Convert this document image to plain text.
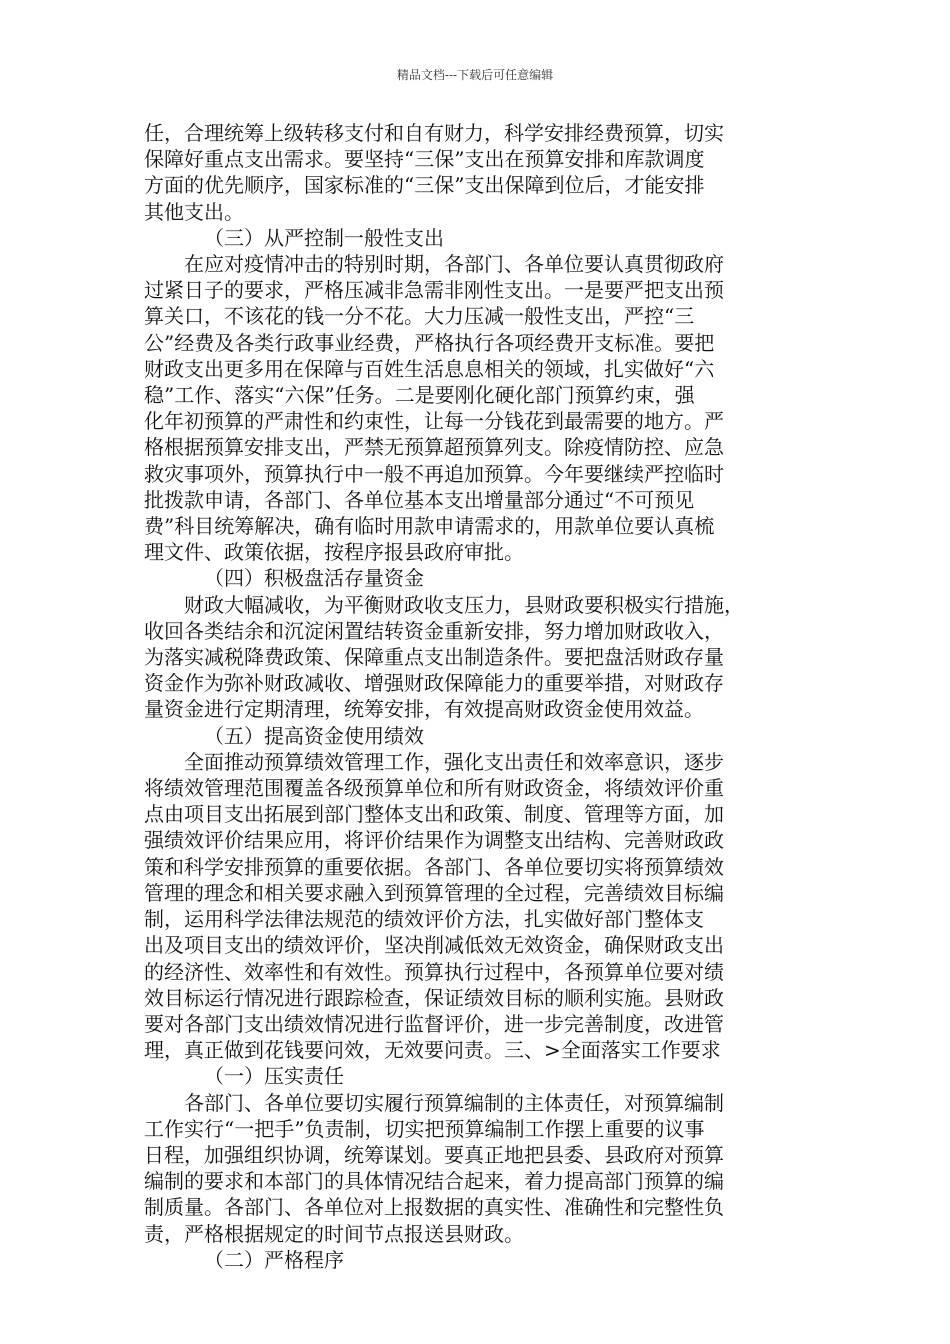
精品文档---下载后可任意编辑

任，合理统筹上级转移支付和自有财力，科学安排经费预算，切实

保障好重点支出需求。要坚持“三保”支出在预算安排和库款调度

方面的优先顺序，国家标准的“三保”支出保障到位后，才能安排

其他支出。

（三）从严控制一般性支出

在应对疫情冲击的特别时期，各部门、各单位要认真贯彻政府

过紧日子的要求，严格压减非急需非刚性支出。一是要严把支出预

算关口，不该花的钱一分不花。大力压减一般性支出，严控“三

公”经费及各类行政事业经费，严格执行各项经费开支标准。要把

财政支出更多用在保障与百姓生活息息相关的领域，扎实做好“六

稳”工作、落实“六保”任务。二是要刚化硬化部门预算约束，强

化年初预算的严肃性和约束性，让每一分钱花到最需要的地方。严

格根据预算安排支出，严禁无预算超预算列支。除疫情防控、应急

救灾事项外，预算执行中一般不再追加预算。今年要继续严控临时

批拨款申请，各部门、各单位基本支出增量部分通过“不可预见

费”科目统筹解决，确有临时用款申请需求的，用款单位要认真梳

理文件、政策依据，按程序报县政府审批。

（四）积极盘活存量资金

财政大幅减收，为平衡财政收支压力，县财政要积极实行措施，

收回各类结余和沉淀闲置结转资金重新安排，努力增加财政收入，

为落实减税降费政策、保障重点支出制造条件。要把盘活财政存量

资金作为弥补财政减收、增强财政保障能力的重要举措，对财政存

量资金进行定期清理，统筹安排，有效提高财政资金使用效益。

（五）提高资金使用绩效

全面推动预算绩效管理工作，强化支出责任和效率意识，逐步

将绩效管理范围覆盖各级预算单位和所有财政资金，将绩效评价重

点由项目支出拓展到部门整体支出和政策、制度、管理等方面，加

强绩效评价结果应用，将评价结果作为调整支出结构、完善财政政

策和科学安排预算的重要依据。各部门、各单位要切实将预算绩效

管理的理念和相关要求融入到预算管理的全过程，完善绩效目标编

制，运用科学法律法规范的绩效评价方法，扎实做好部门整体支

出及项目支出的绩效评价，坚决削减低效无效资金，确保财政支出

的经济性、效率性和有效性。预算执行过程中，各预算单位要对绩

效目标运行情况进行跟踪检查，保证绩效目标的顺利实施。县财政

要对各部门支出绩效情况进行监督评价，进一步完善制度，改进管

理，真正做到花钱要问效，无效要问责。三、>全面落实工作要求

（一）压实责任

各部门、各单位要切实履行预算编制的主体责任，对预算编制

工作实行“一把手”负责制，切实把预算编制工作摆上重要的议事

日程，加强组织协调，统筹谋划。要真正地把县委、县政府对预算

编制的要求和本部门的具体情况结合起来，着力提高部门预算的编

制质量。各部门、各单位对上报数据的真实性、准确性和完整性负

责，严格根据规定的时间节点报送县财政。

（二）严格程序
